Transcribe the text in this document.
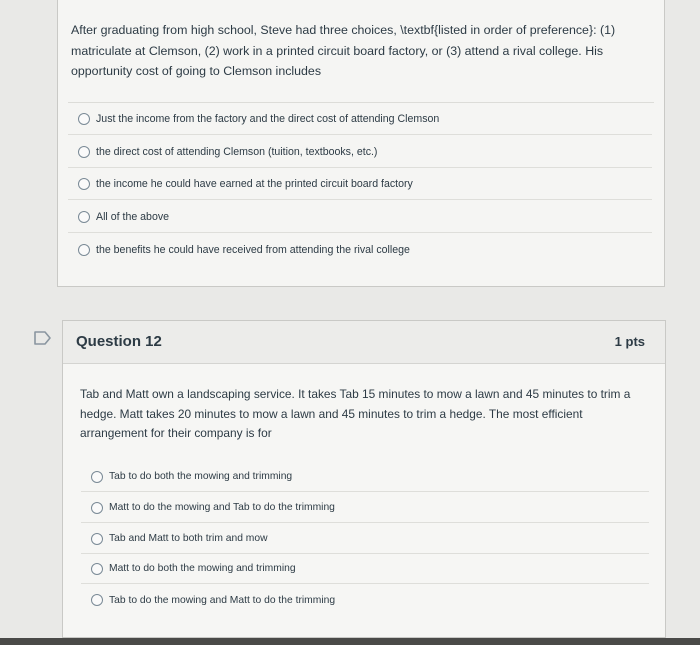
After graduating from high school, Steve had three choices, \textbf{listed in order of preference}: (1) matriculate at Clemson, (2) work in a printed circuit board factory, or (3) attend a rival college. His opportunity cost of going to Clemson includes
Just the income from the factory and the direct cost of attending Clemson
the direct cost of attending Clemson (tuition, textbooks, etc.)
the income he could have earned at the printed circuit board factory
All of the above
the benefits he could have received from attending the rival college
Question 12	1 pts
Tab and Matt own a landscaping service. It takes Tab 15 minutes to mow a lawn and 45 minutes to trim a hedge. Matt takes 20 minutes to mow a lawn and 45 minutes to trim a hedge. The most efficient arrangement for their company is for
Tab to do both the mowing and trimming
Matt to do the mowing and Tab to do the trimming
Tab and Matt to both trim and mow
Matt to do both the mowing and trimming
Tab to do the mowing and Matt to do the trimming
